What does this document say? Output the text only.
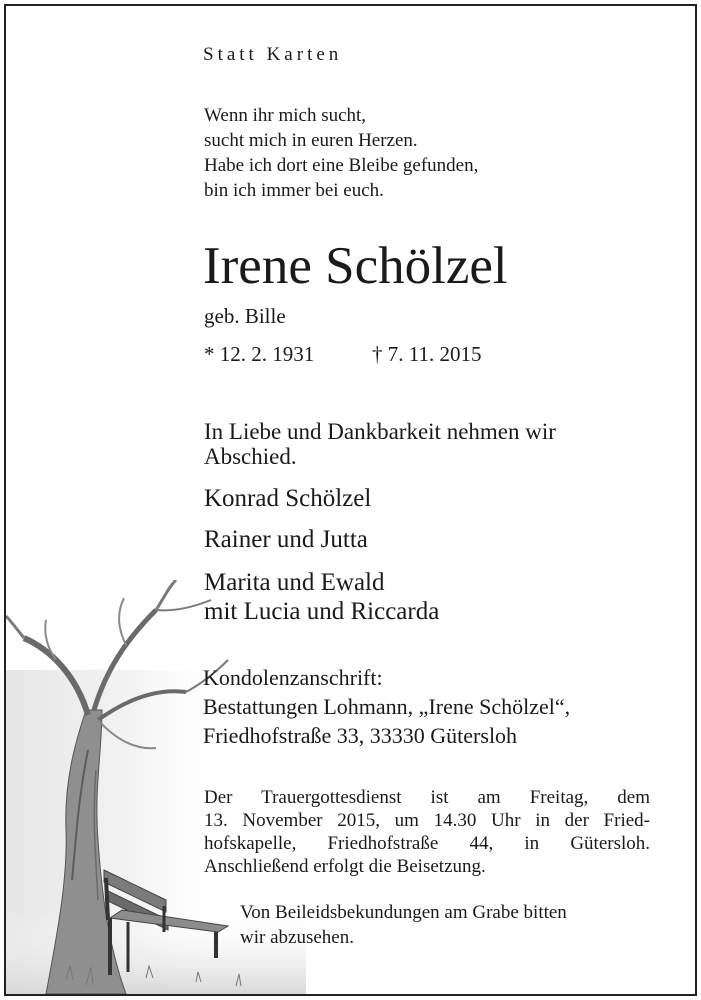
Statt Karten
Wenn ihr mich sucht,
sucht mich in euren Herzen.
Habe ich dort eine Bleibe gefunden,
bin ich immer bei euch.
Irene Schölzel
geb. Bille
* 12. 2. 1931	† 7. 11. 2015
In Liebe und Dankbarkeit nehmen wir
Abschied.
Konrad Schölzel
Rainer und Jutta
Marita und Ewald
mit Lucia und Riccarda
Kondolenzanschrift:
Bestattungen Lohmann, „Irene Schölzel“,
Friedhofstraße 33, 33330 Gütersloh
Der Trauergottesdienst ist am Freitag, dem
13. November 2015, um 14.30 Uhr in der Fried-
hofskapelle, Friedhofstraße 44, in Gütersloh.
Anschließend erfolgt die Beisetzung.
Von Beileidsbekundungen am Grabe bitten
wir abzusehen.
